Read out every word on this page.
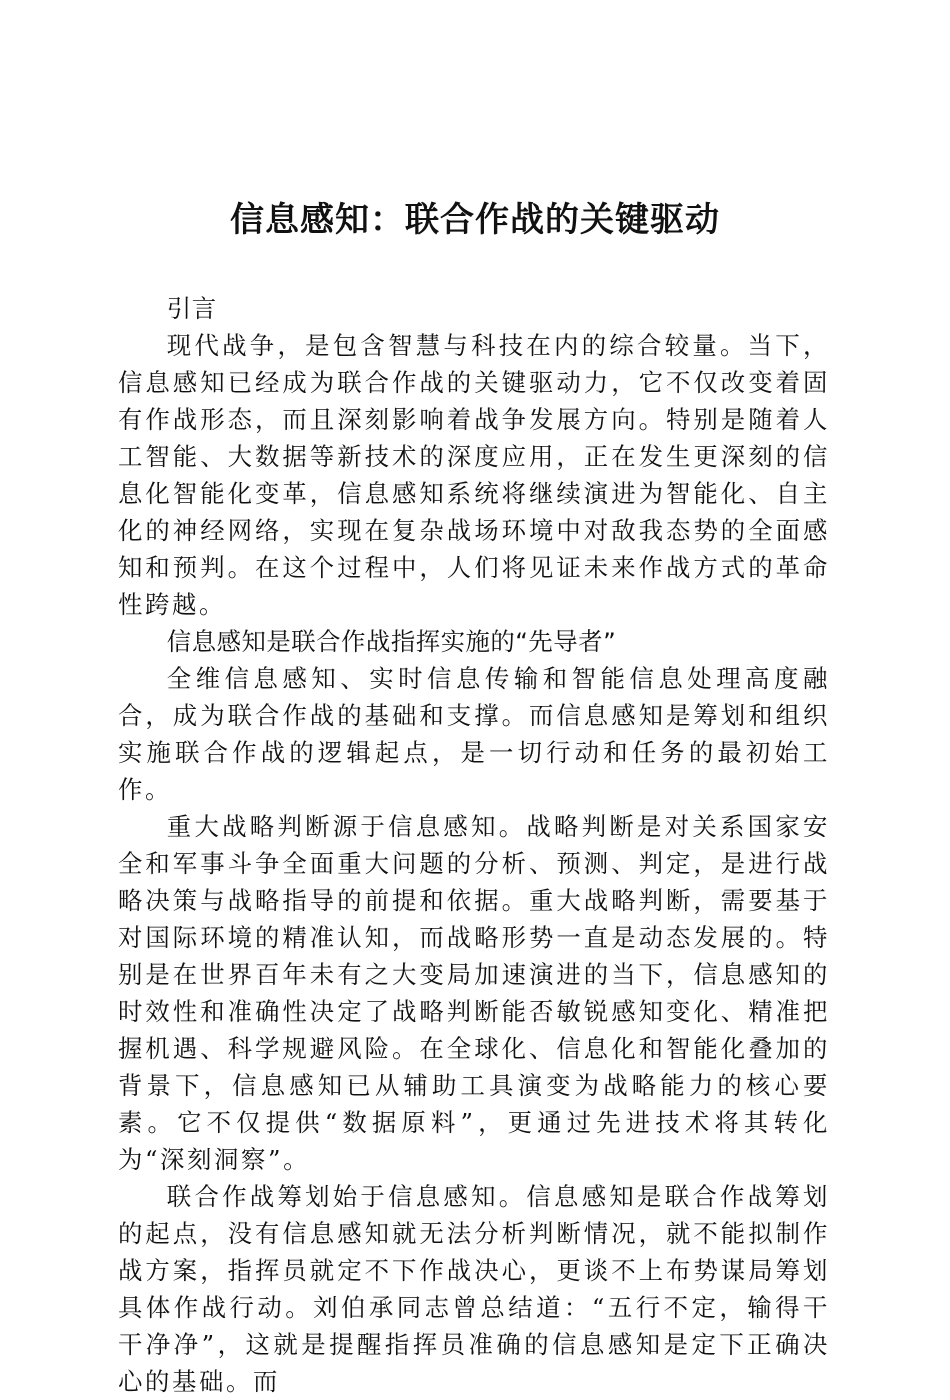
信息感知：联合作战的关键驱动

引言

现代战争，是包含智慧与科技在内的综合较量。当下，信息感知已经成为联合作战的关键驱动力，它不仅改变着固有作战形态，而且深刻影响着战争发展方向。特别是随着人工智能、大数据等新技术的深度应用，正在发生更深刻的信息化智能化变革，信息感知系统将继续演进为智能化、自主化的神经网络，实现在复杂战场环境中对敌我态势的全面感知和预判。在这个过程中，人们将见证未来作战方式的革命性跨越。

信息感知是联合作战指挥实施的“先导者”

全维信息感知、实时信息传输和智能信息处理高度融合，成为联合作战的基础和支撑。而信息感知是筹划和组织实施联合作战的逻辑起点，是一切行动和任务的最初始工作。

重大战略判断源于信息感知。战略判断是对关系国家安全和军事斗争全面重大问题的分析、预测、判定，是进行战略决策与战略指导的前提和依据。重大战略判断，需要基于对国际环境的精准认知，而战略形势一直是动态发展的。特别是在世界百年未有之大变局加速演进的当下，信息感知的时效性和准确性决定了战略判断能否敏锐感知变化、精准把握机遇、科学规避风险。在全球化、信息化和智能化叠加的背景下，信息感知已从辅助工具演变为战略能力的核心要素。它不仅提供“数据原料”，更通过先进技术将其转化为“深刻洞察”。

联合作战筹划始于信息感知。信息感知是联合作战筹划的起点，没有信息感知就无法分析判断情况，就不能拟制作战方案，指挥员就定不下作战决心，更谈不上布势谋局筹划具体作战行动。刘伯承同志曾总结道：“五行不定，输得干干净净”，这就是提醒指挥员准确的信息感知是定下正确决心的基础。而
